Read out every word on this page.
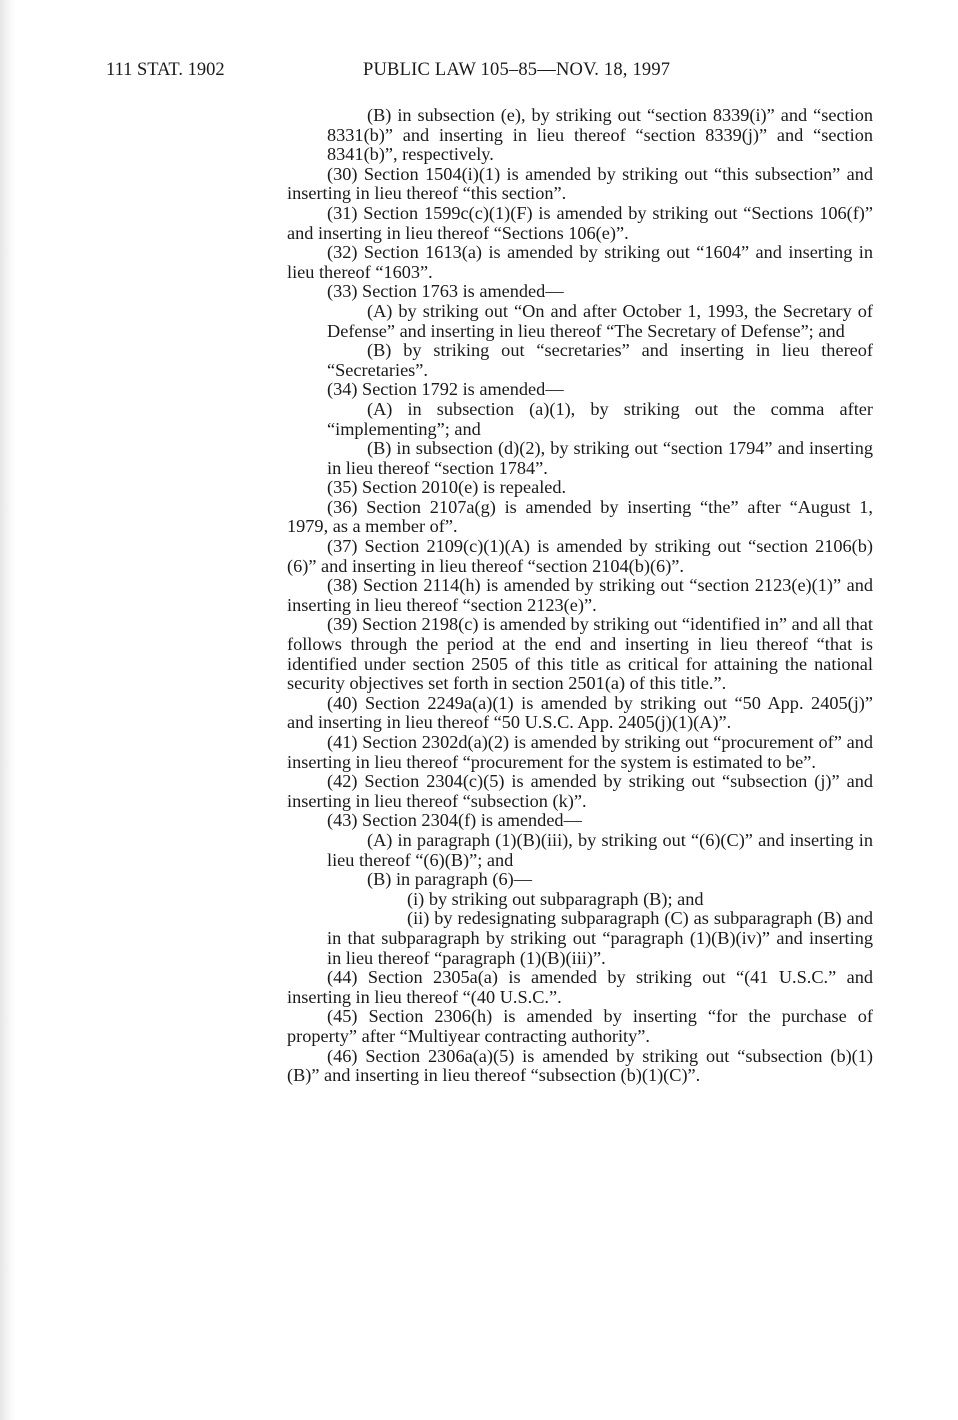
111 STAT. 1902	PUBLIC LAW 105–85—NOV. 18, 1997

(B) in subsection (e), by striking out “section 8339(i)” and “section 8331(b)” and inserting in lieu thereof “section 8339(j)” and “section 8341(b)”, respectively.

(30) Section 1504(i)(1) is amended by striking out “this subsection” and inserting in lieu thereof “this section”.

(31) Section 1599c(c)(1)(F) is amended by striking out “Sections 106(f)” and inserting in lieu thereof “Sections 106(e)”.

(32) Section 1613(a) is amended by striking out “1604” and inserting in lieu thereof “1603”.

(33) Section 1763 is amended—

(A) by striking out “On and after October 1, 1993, the Secretary of Defense” and inserting in lieu thereof “The Secretary of Defense”; and

(B) by striking out “secretaries” and inserting in lieu thereof “Secretaries”.

(34) Section 1792 is amended—

(A) in subsection (a)(1), by striking out the comma after “implementing”; and

(B) in subsection (d)(2), by striking out “section 1794” and inserting in lieu thereof “section 1784”.

(35) Section 2010(e) is repealed.

(36) Section 2107a(g) is amended by inserting “the” after “August 1, 1979, as a member of”.

(37) Section 2109(c)(1)(A) is amended by striking out “section 2106(b)(6)” and inserting in lieu thereof “section 2104(b)(6)”.

(38) Section 2114(h) is amended by striking out “section 2123(e)(1)” and inserting in lieu thereof “section 2123(e)”.

(39) Section 2198(c) is amended by striking out “identified in” and all that follows through the period at the end and inserting in lieu thereof “that is identified under section 2505 of this title as critical for attaining the national security objectives set forth in section 2501(a) of this title.”.

(40) Section 2249a(a)(1) is amended by striking out “50 App. 2405(j)” and inserting in lieu thereof “50 U.S.C. App. 2405(j)(1)(A)”.

(41) Section 2302d(a)(2) is amended by striking out “procurement of” and inserting in lieu thereof “procurement for the system is estimated to be”.

(42) Section 2304(c)(5) is amended by striking out “subsection (j)” and inserting in lieu thereof “subsection (k)”.

(43) Section 2304(f) is amended—

(A) in paragraph (1)(B)(iii), by striking out “(6)(C)” and inserting in lieu thereof “(6)(B)”; and

(B) in paragraph (6)—

(i) by striking out subparagraph (B); and

(ii) by redesignating subparagraph (C) as subparagraph (B) and in that subparagraph by striking out “paragraph (1)(B)(iv)” and inserting in lieu thereof “paragraph (1)(B)(iii)”.

(44) Section 2305a(a) is amended by striking out “(41 U.S.C.” and inserting in lieu thereof “(40 U.S.C.”.

(45) Section 2306(h) is amended by inserting “for the purchase of property” after “Multiyear contracting authority”.

(46) Section 2306a(a)(5) is amended by striking out “subsection (b)(1)(B)” and inserting in lieu thereof “subsection (b)(1)(C)”.
